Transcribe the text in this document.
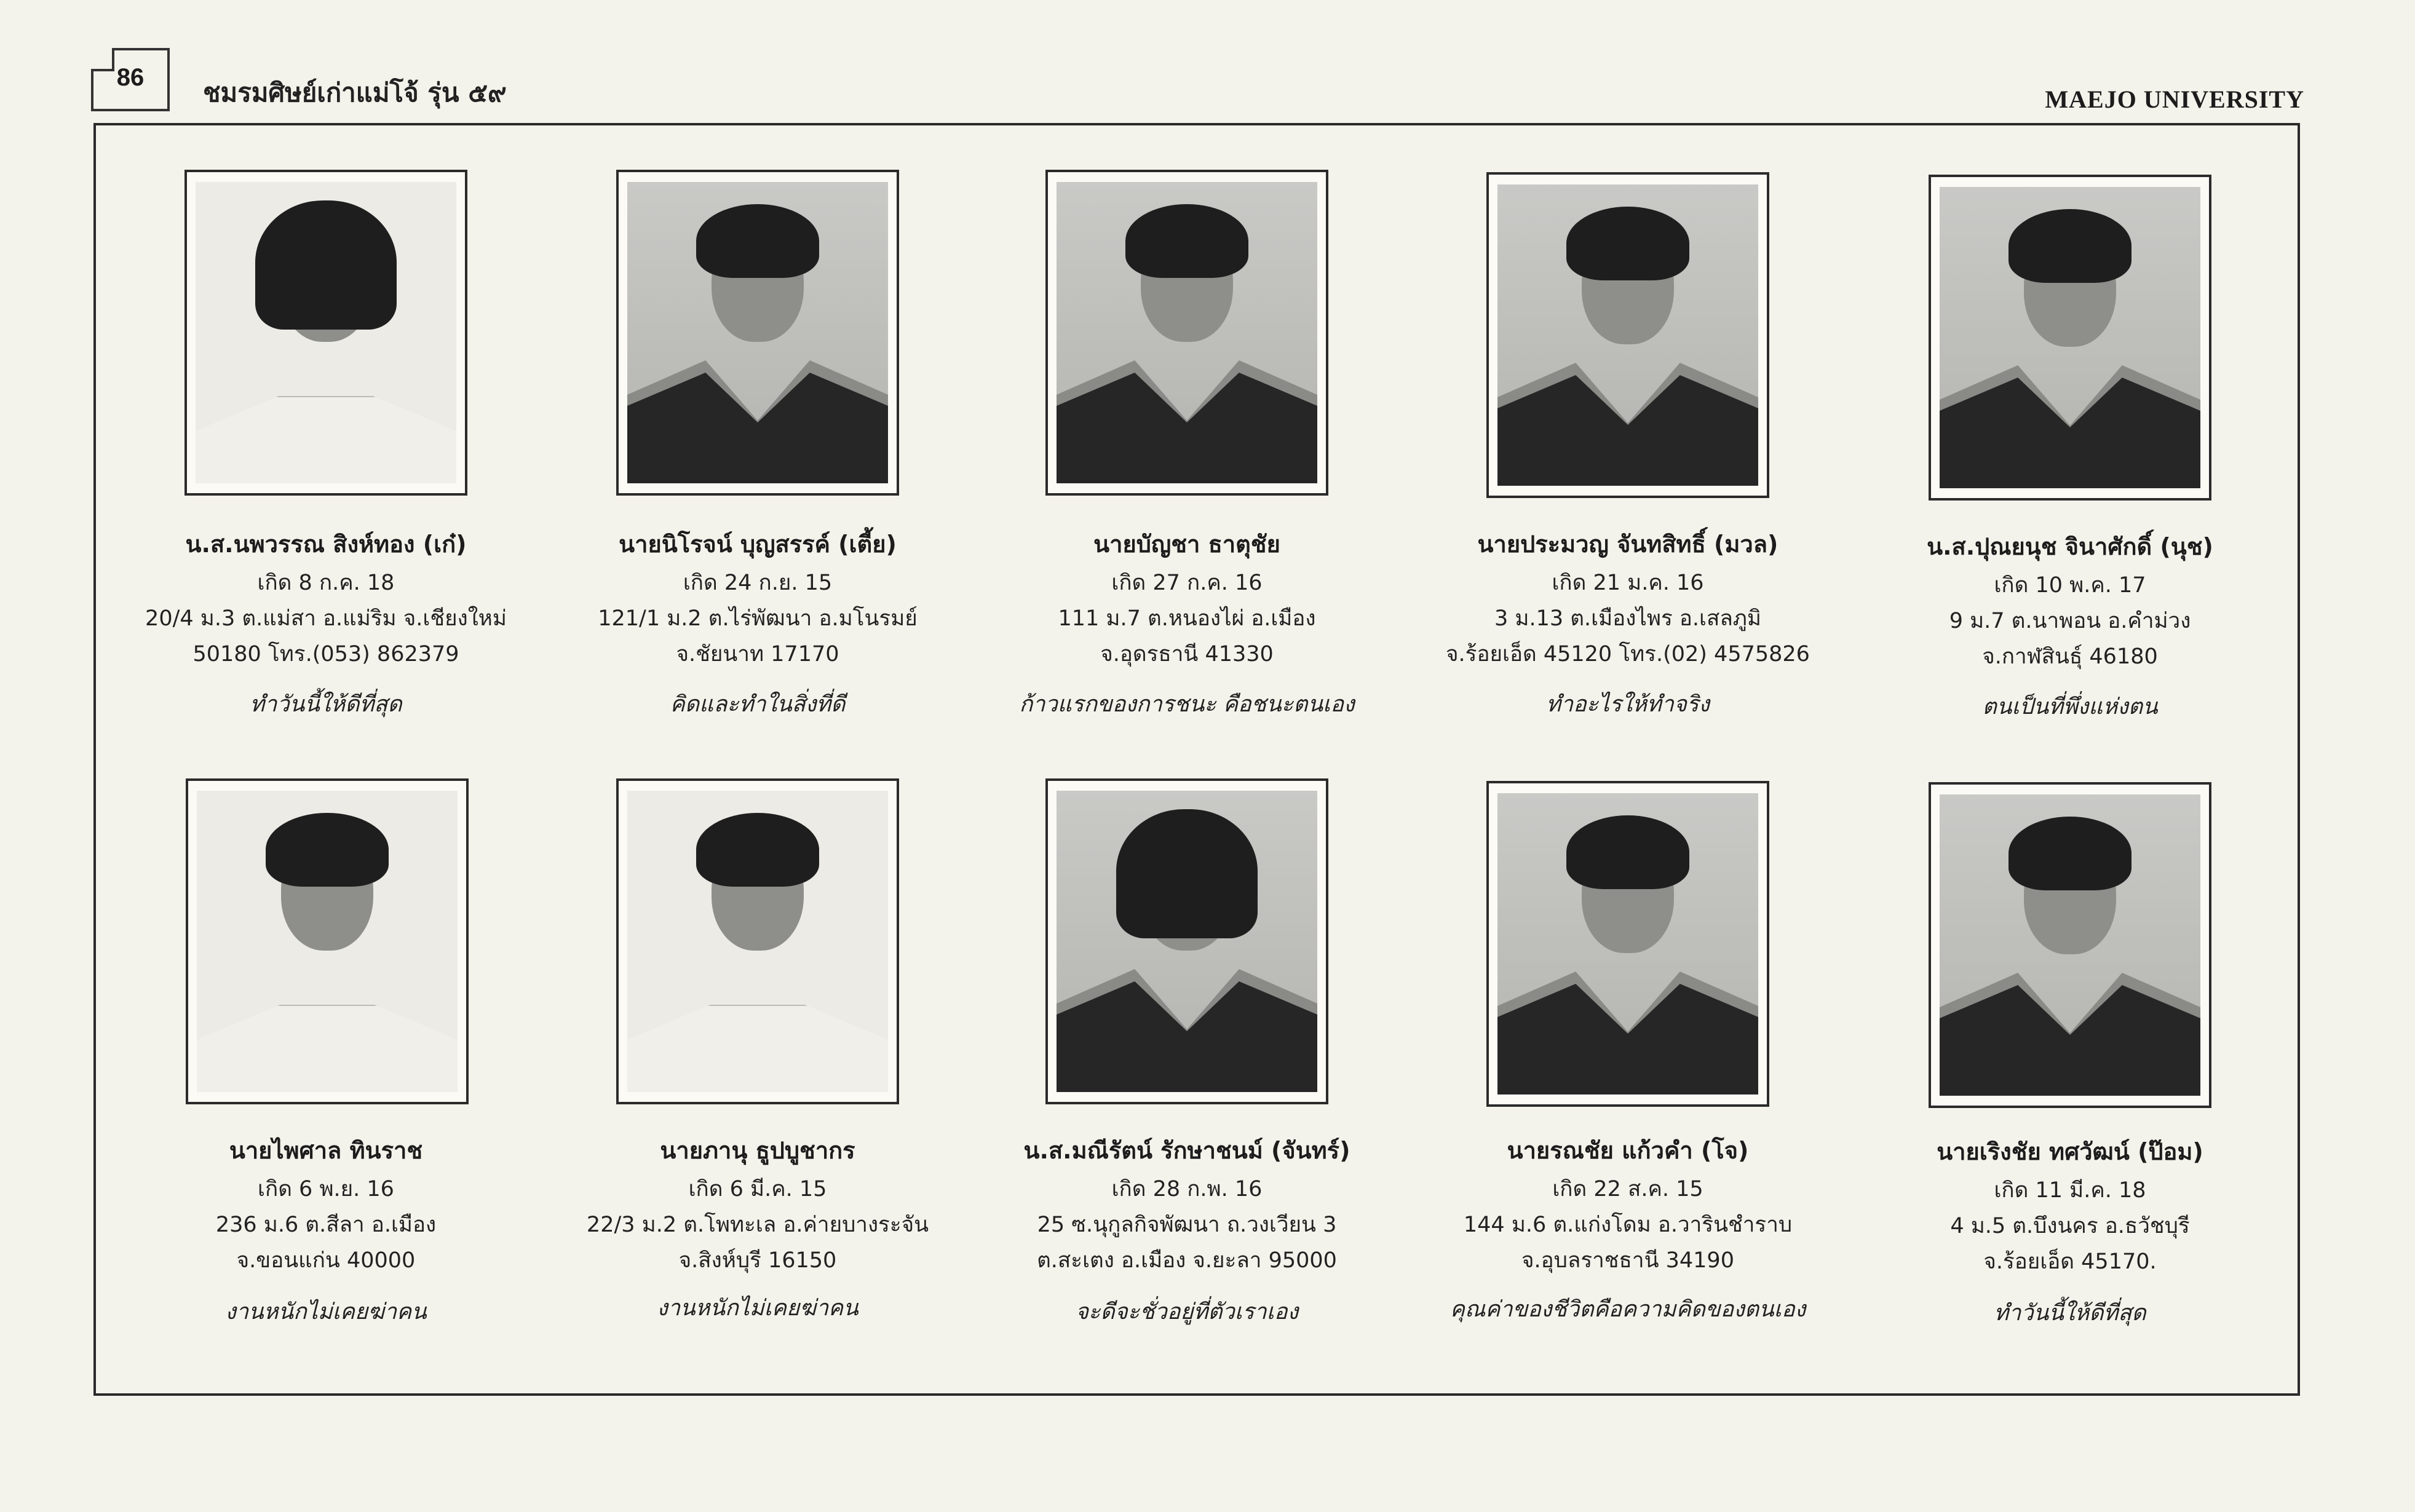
86	ชมรมศิษย์เก่าแม่โจ้ รุ่น ๕๙	MAEJO UNIVERSITY
น.ส.นพวรรณ สิงห์ทอง (เก๋)
เกิด 8 ก.ค. 18
20/4 ม.3 ต.แม่สา อ.แม่ริม จ.เชียงใหม่
50180 โทร.(053) 862379
ทำวันนี้ให้ดีที่สุด
นายนิโรจน์ บุญสรรค์ (เตี้ย)
เกิด 24 ก.ย. 15
121/1 ม.2 ต.ไร่พัฒนา อ.มโนรมย์
จ.ชัยนาท 17170
คิดและทำในสิ่งที่ดี
นายบัญชา ธาตุชัย
เกิด 27 ก.ค. 16
111 ม.7 ต.หนองไผ่ อ.เมือง
จ.อุดรธานี 41330
ก้าวแรกของการชนะ คือชนะตนเอง
นายประมวญ จันทสิทธิ์ (มวล)
เกิด 21 ม.ค. 16
3 ม.13 ต.เมืองไพร อ.เสลภูมิ
จ.ร้อยเอ็ด 45120 โทร.(02) 4575826
ทำอะไรให้ทำจริง
น.ส.ปุณยนุช จินาศักดิ์ (นุช)
เกิด 10 พ.ค. 17
9 ม.7 ต.นาพอน อ.คำม่วง
จ.กาฬสินธุ์ 46180
ตนเป็นที่พึ่งแห่งตน
นายไพศาล ทินราช
เกิด 6 พ.ย. 16
236 ม.6 ต.สีลา อ.เมือง
จ.ขอนแก่น 40000
งานหนักไม่เคยฆ่าคน
นายภานุ ธูปบูชากร
เกิด 6 มี.ค. 15
22/3 ม.2 ต.โพทะเล อ.ค่ายบางระจัน
จ.สิงห์บุรี 16150
งานหนักไม่เคยฆ่าคน
น.ส.มณีรัตน์ รักษาชนม์ (จันทร์)
เกิด 28 ก.พ. 16
25 ซ.นุกูลกิจพัฒนา ถ.วงเวียน 3
ต.สะเตง อ.เมือง จ.ยะลา 95000
จะดีจะชั่วอยู่ที่ตัวเราเอง
นายรณชัย แก้วคำ (โจ)
เกิด 22 ส.ค. 15
144 ม.6 ต.แก่งโดม อ.วารินชำราบ
จ.อุบลราชธานี 34190
คุณค่าของชีวิตคือความคิดของตนเอง
นายเริงชัย ทศวัฒน์ (ป๊อม)
เกิด 11 มี.ค. 18
4 ม.5 ต.บึงนคร อ.ธวัชบุรี
จ.ร้อยเอ็ด 45170.
ทำวันนี้ให้ดีที่สุด
